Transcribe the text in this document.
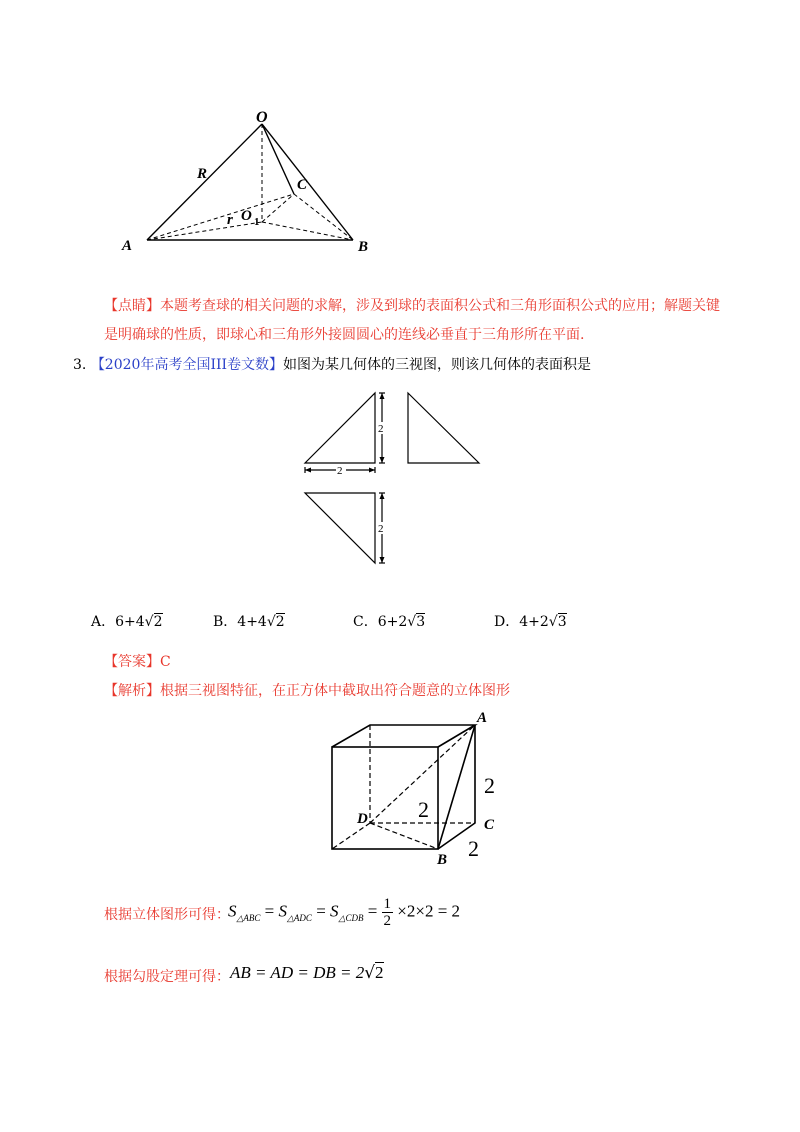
O
R
C
r O 1
A	B
【点睛】本题考查球的相关问题的求解，涉及到球的表面积公式和三角形面积公式的应用；解题关键
是明确球的性质，即球心和三角形外接圆圆心的连线必垂直于三角形所在平面.
3. 【2020年高考全国III卷文数】如图为某几何体的三视图，则该几何体的表面积是
2
2
2
A．6+4√2	B．4+4√2	C．6+2√3	D．4+2√3
【答案】C
【解析】根据三视图特征，在正方体中截取出符合题意的立体图形
A
D	C
B
2
2
2
根据立体图形可得：
$S_{\triangle ABC} = S_{\triangle ADC} = S_{\triangle CDB} = \frac{1}{2} \times 2\times 2 = 2$
根据勾股定理可得： AB = AD = DB = 2√2
